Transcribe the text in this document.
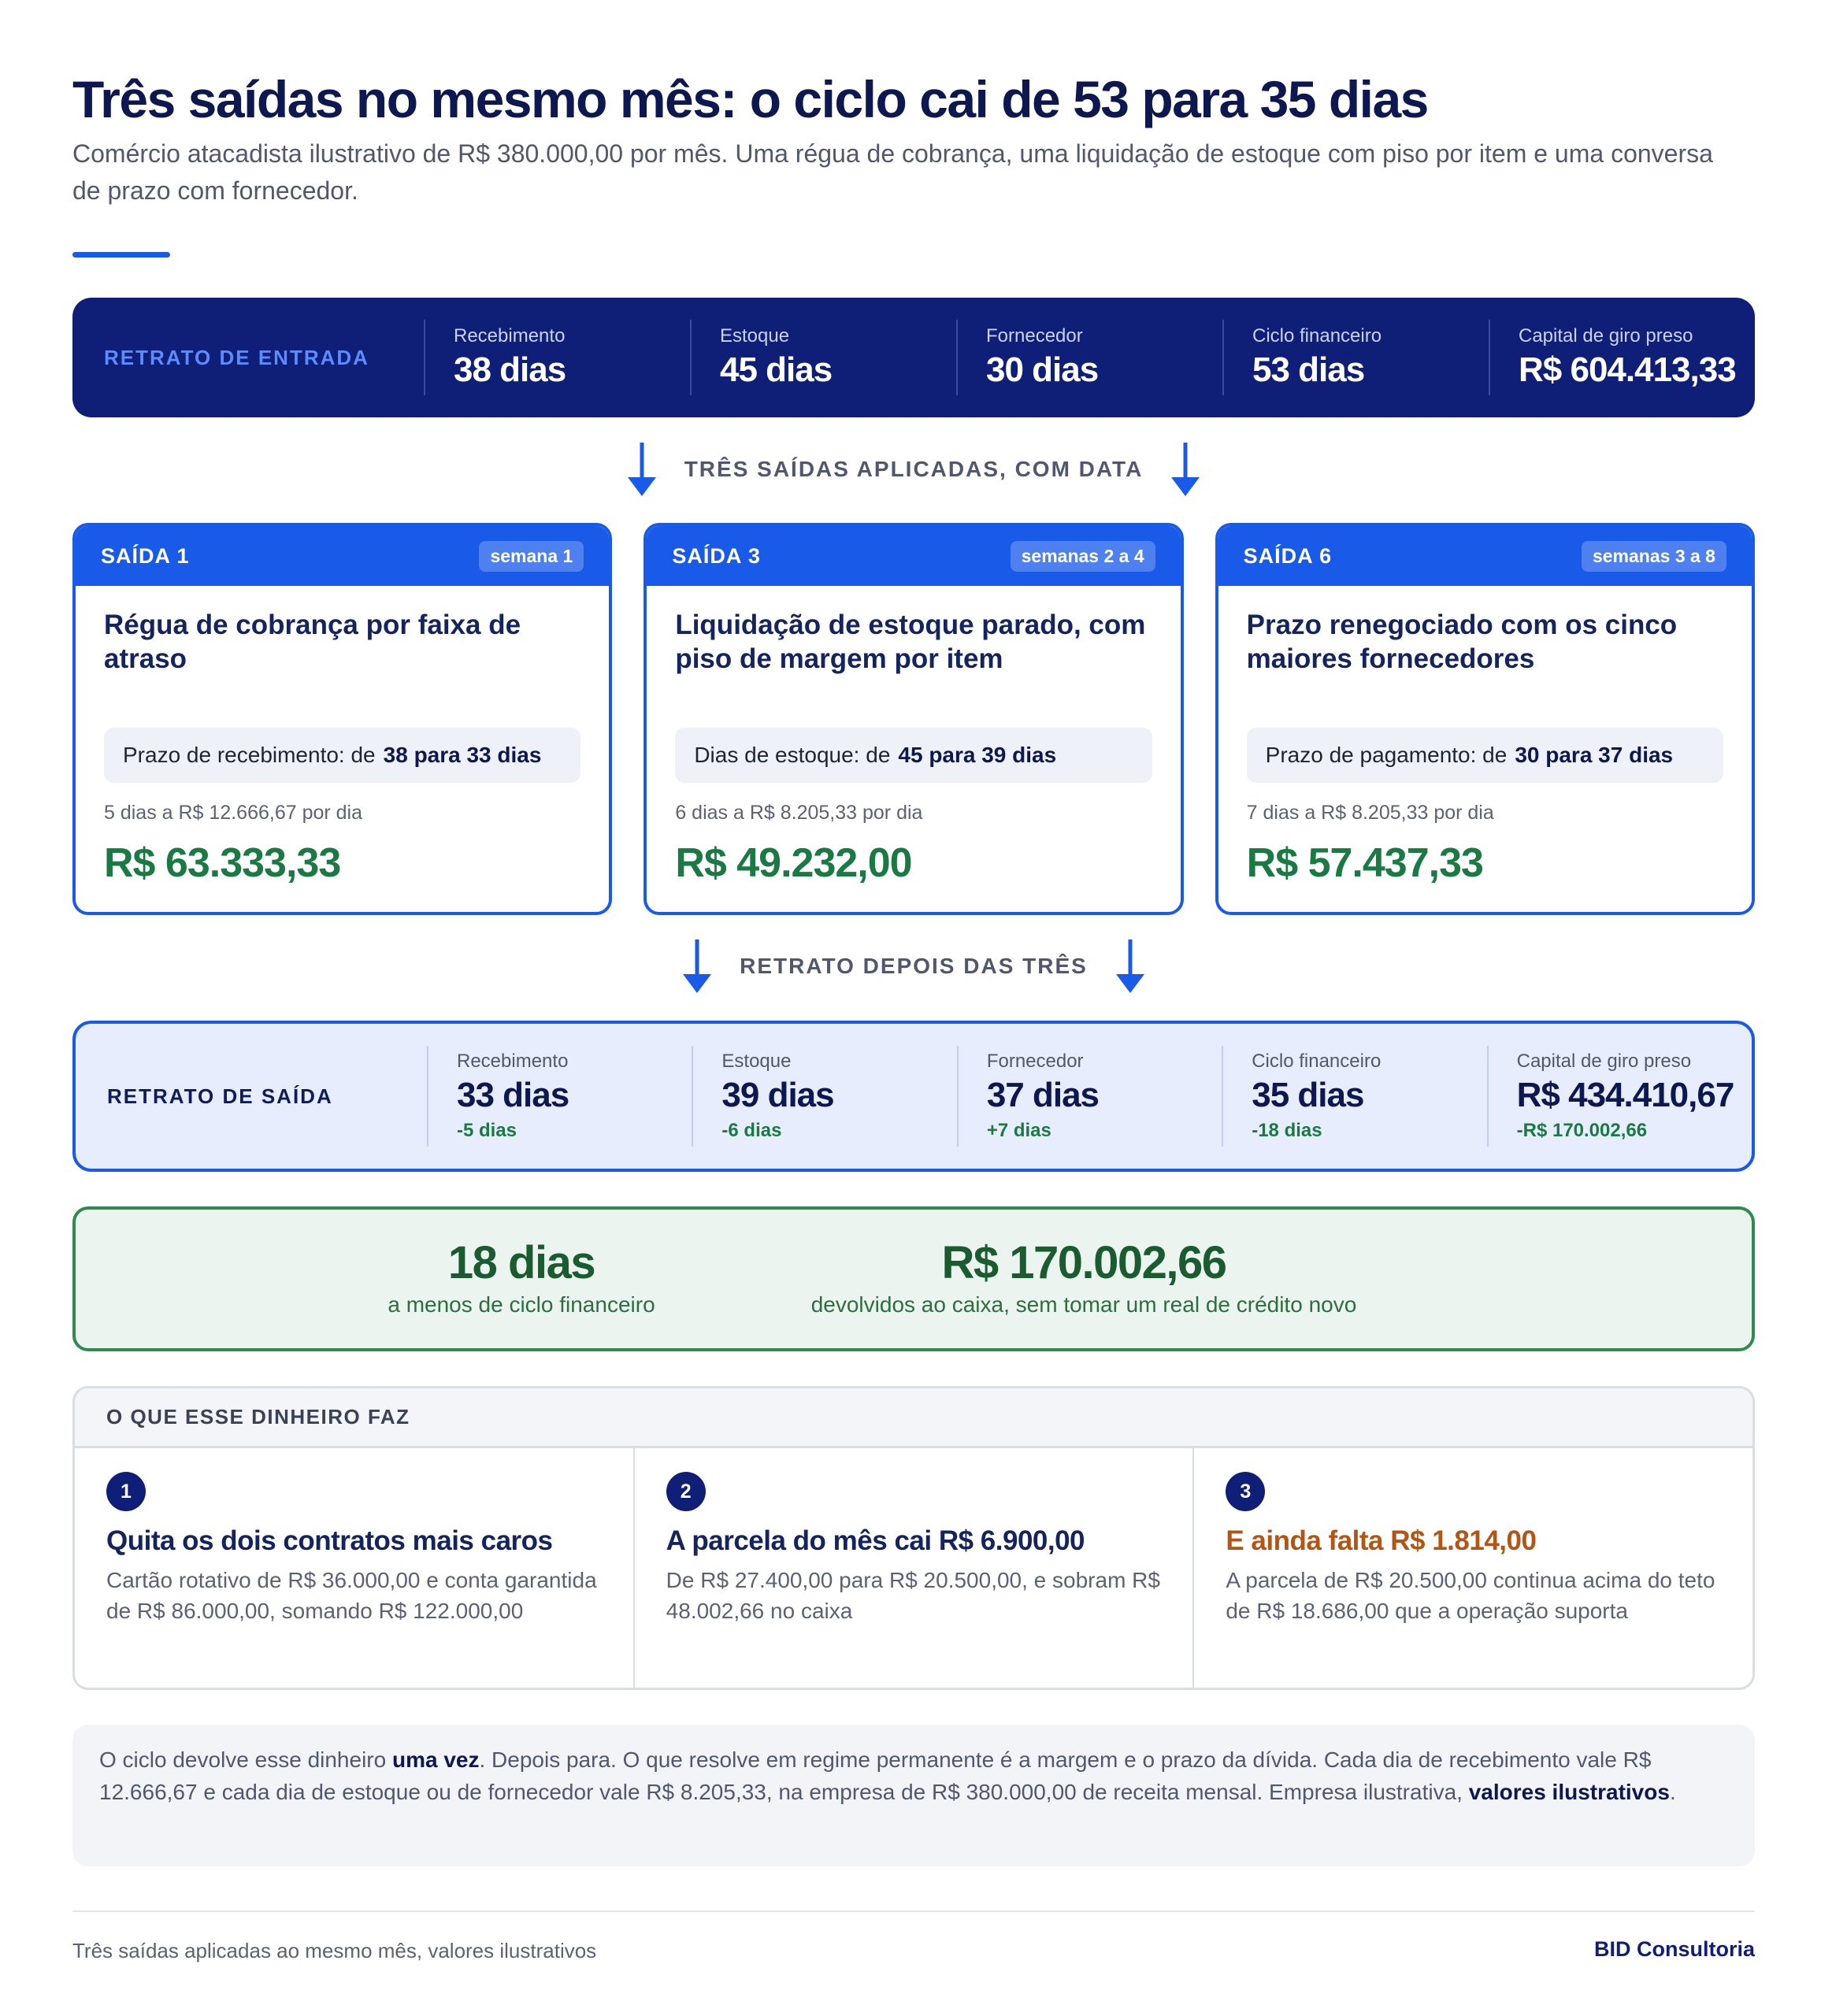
Três saídas no mesmo mês: o ciclo cai de 53 para 35 dias

Comércio atacadista ilustrativo de R$ 380.000,00 por mês. Uma régua de cobrança, uma liquidação de estoque com piso por item e uma conversa de prazo com fornecedor.

RETRATO DE ENTRADA
Recebimento
38 dias
Estoque
45 dias
Fornecedor
30 dias
Ciclo financeiro
53 dias
Capital de giro preso
R$ 604.413,33
TRÊS SAÍDAS APLICADAS, COM DATA
SAÍDA 1	semana 1
Régua de cobrança por faixa de atraso
Prazo de recebimento: de 38 para 33 dias
5 dias a R$ 12.666,67 por dia
R$ 63.333,33
SAÍDA 3	semanas 2 a 4
Liquidação de estoque parado, com piso de margem por item
Dias de estoque: de 45 para 39 dias
6 dias a R$ 8.205,33 por dia
R$ 49.232,00
SAÍDA 6	semanas 3 a 8
Prazo renegociado com os cinco maiores fornecedores
Prazo de pagamento: de 30 para 37 dias
7 dias a R$ 8.205,33 por dia
R$ 57.437,33
RETRATO DEPOIS DAS TRÊS
RETRATO DE SAÍDA
Recebimento
33 dias
-5 dias
Estoque
39 dias
-6 dias
Fornecedor
37 dias
+7 dias
Ciclo financeiro
35 dias
-18 dias
Capital de giro preso
R$ 434.410,67
-R$ 170.002,66
18 dias
a menos de ciclo financeiro
R$ 170.002,66
devolvidos ao caixa, sem tomar um real de crédito novo
O QUE ESSE DINHEIRO FAZ
1
Quita os dois contratos mais caros
Cartão rotativo de R$ 36.000,00 e conta garantida de R$ 86.000,00, somando R$ 122.000,00
2
A parcela do mês cai R$ 6.900,00
De R$ 27.400,00 para R$ 20.500,00, e sobram R$ 48.002,66 no caixa
3
E ainda falta R$ 1.814,00
A parcela de R$ 20.500,00 continua acima do teto de R$ 18.686,00 que a operação suporta
O ciclo devolve esse dinheiro uma vez. Depois para. O que resolve em regime permanente é a margem e o prazo da dívida. Cada dia de recebimento vale R$ 12.666,67 e cada dia de estoque ou de fornecedor vale R$ 8.205,33, na empresa de R$ 380.000,00 de receita mensal. Empresa ilustrativa, valores ilustrativos.
Três saídas aplicadas ao mesmo mês, valores ilustrativos	BID Consultoria
